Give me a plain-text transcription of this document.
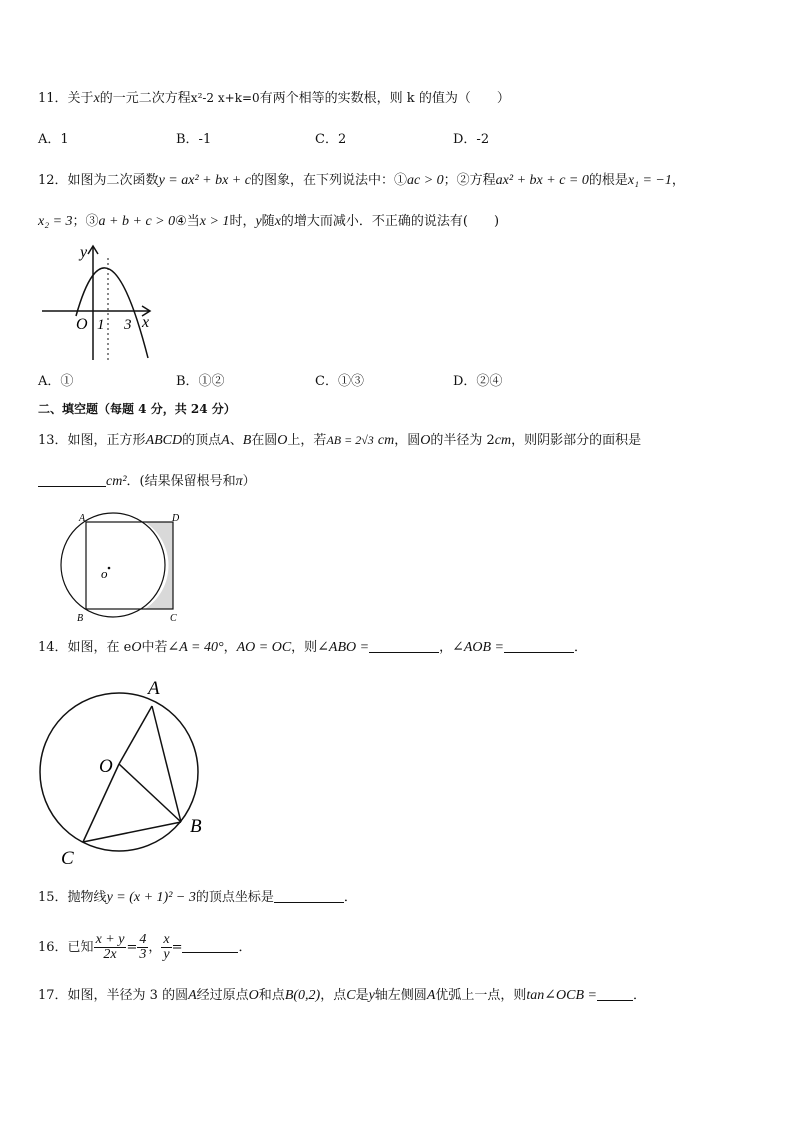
11．关于x的一元二次方程x²-2 x+k=0有两个相等的实数根，则 k 的值为（ ）
A．1	B．-1	C．2	D．-2
12．如图为二次函数y = ax² + bx + c的图象，在下列说法中：①ac > 0；②方程ax² + bx + c = 0的根是x₁ = −1，
x₂ = 3；③a + b + c > 0④当x > 1时，y随x的增大而减小．不正确的说法有( )
y
x
O 1 3
A．①	B．①②	C．①③	D．②④
二、填空题（每题 4 分，共 24 分）
13．如图，正方形ABCD的顶点A、B在圆O上，若AB = 2√3 cm，圆O的半径为 2cm，则阴影部分的面积是
cm²．(结果保留根号和π）
A	D
B	C
o
14．如图，在 eO中若∠A = 40°，AO = OC，则∠ABO =	，∠AOB =	．
A
O
B
C
15．抛物线y = (x + 1)² − 3的顶点坐标是	．
16．已知 $\frac{x + y}{2x} = \frac{4}{3}$ ， $\frac{x}{y}$ =	．
17．如图，半径为 3 的圆A经过原点O和点B(0,2)，点C是y轴左侧圆A优弧上一点，则tan∠OCB =	．
